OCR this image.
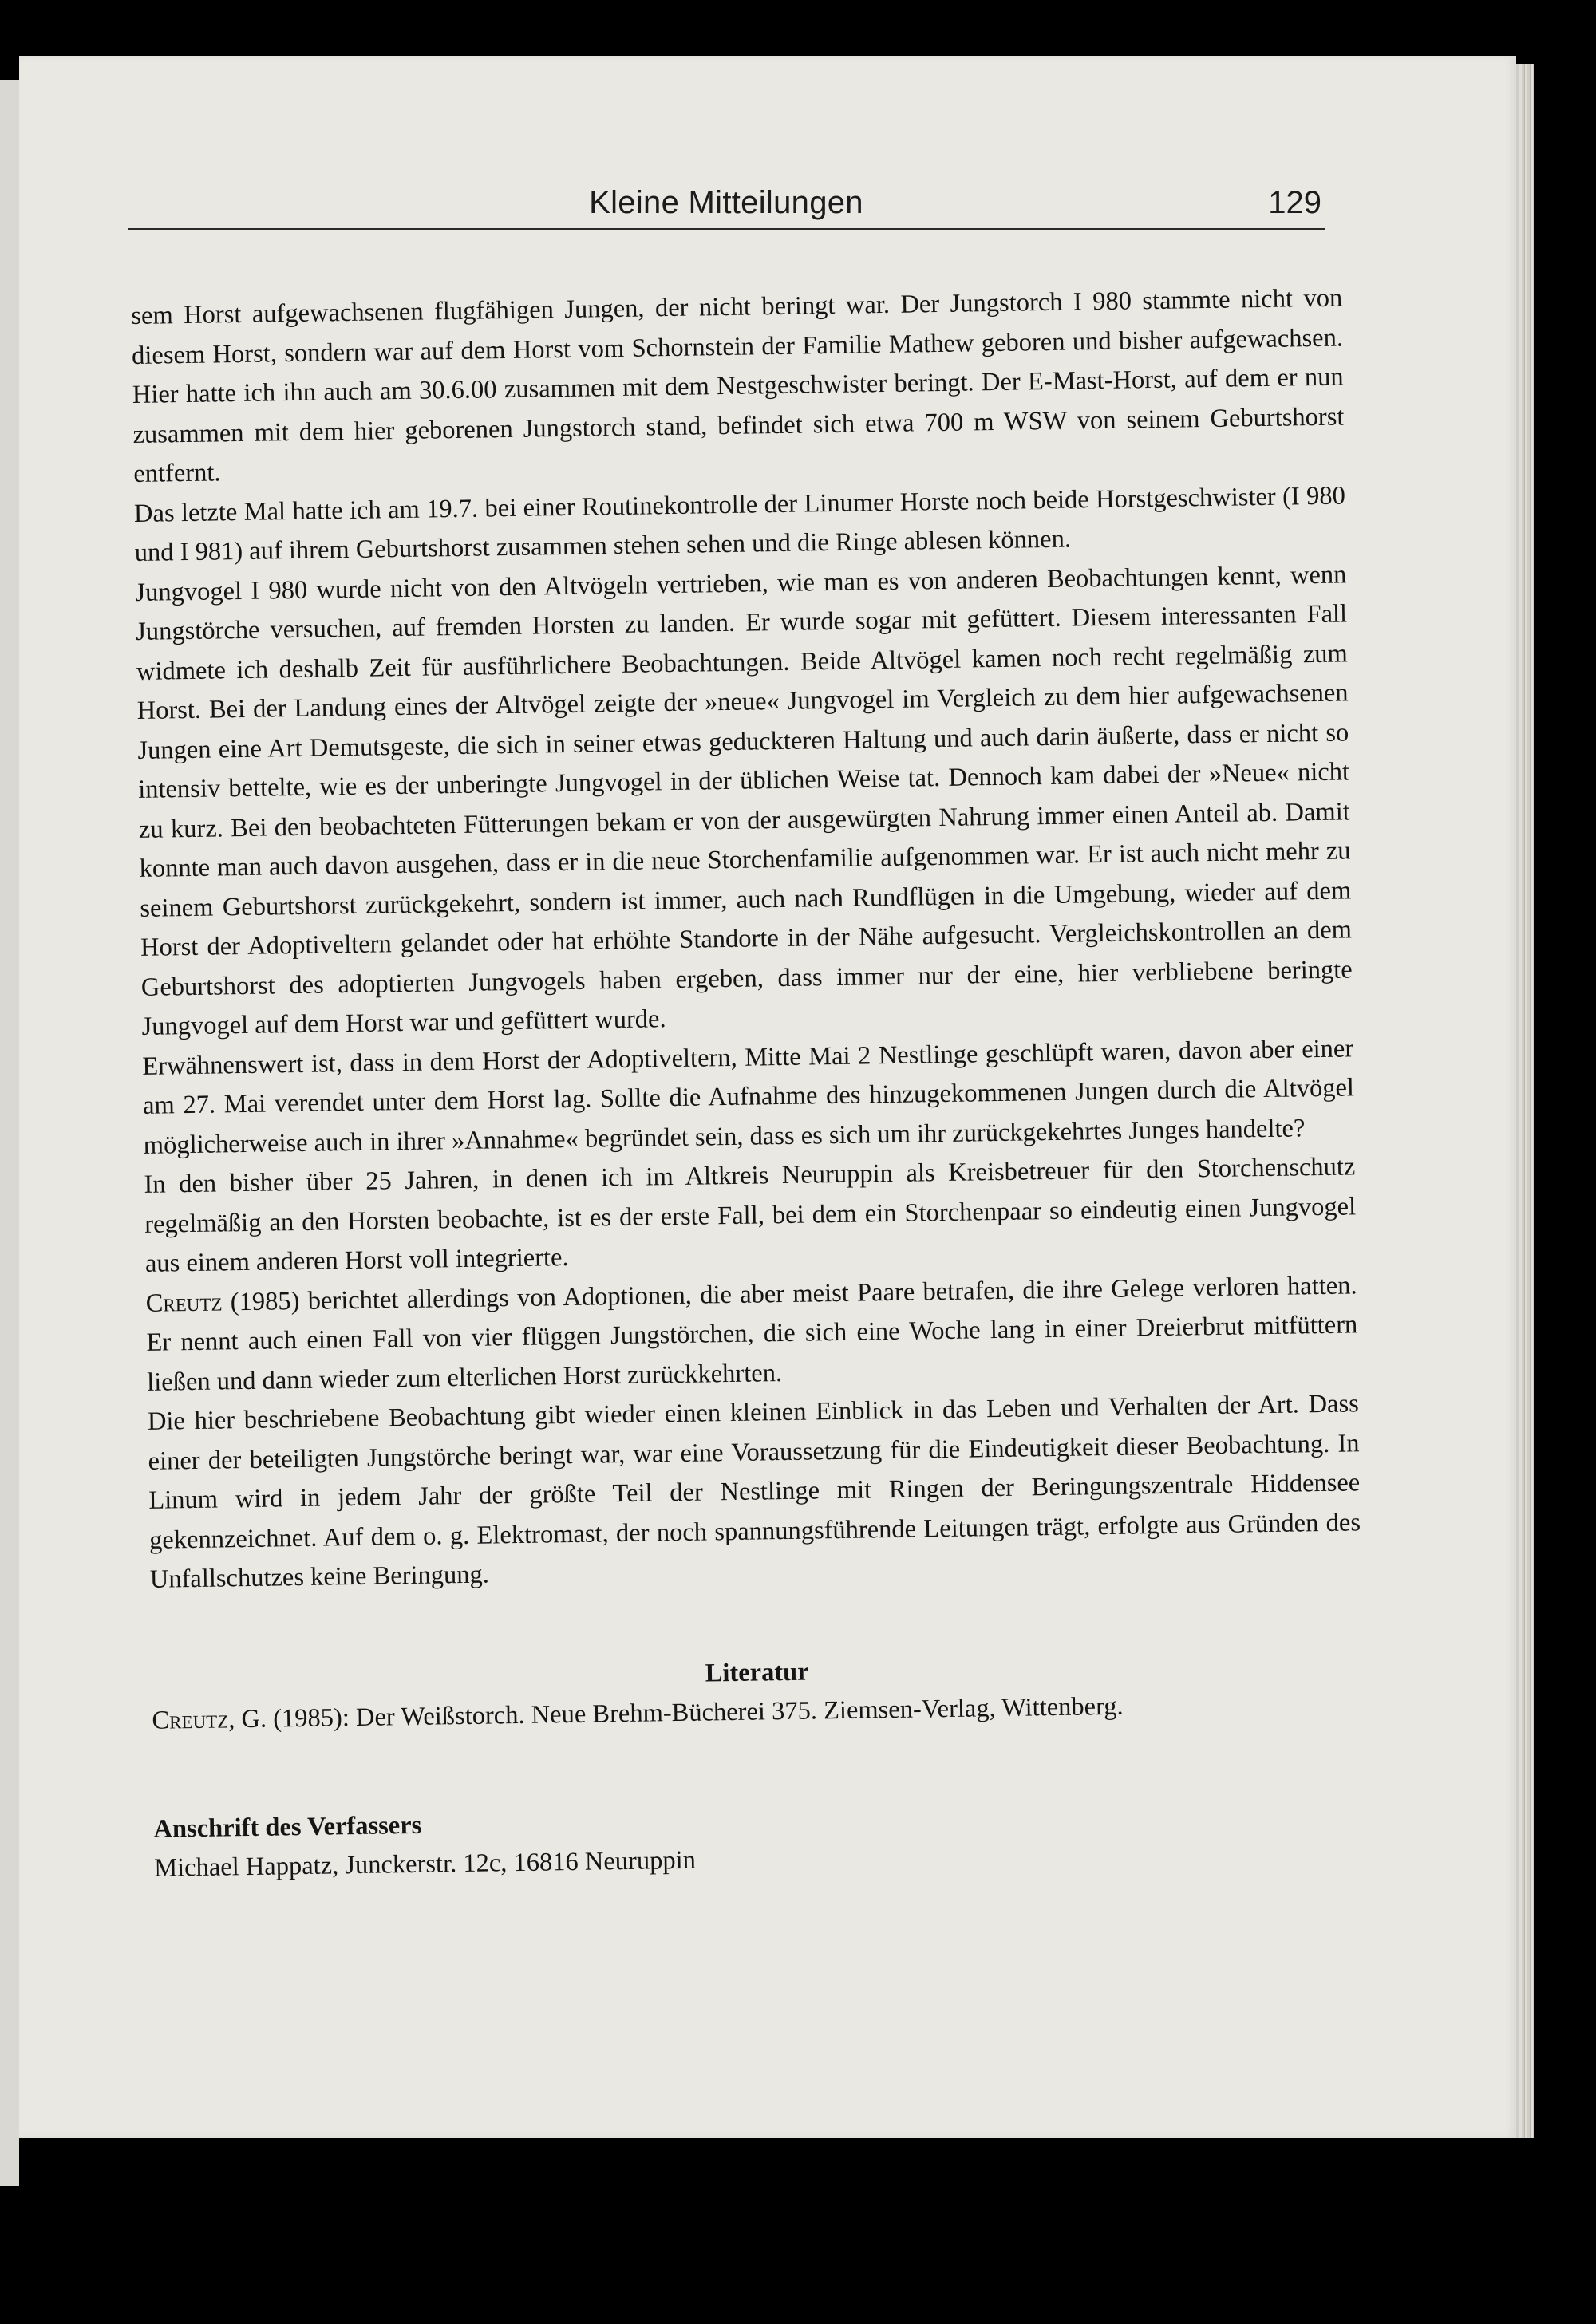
Kleine Mitteilungen	129

sem Horst aufgewachsenen flugfähigen Jungen, der nicht beringt war. Der Jungstorch I 980 stammte nicht von diesem Horst, sondern war auf dem Horst vom Schornstein der Familie Mathew geboren und bisher aufgewachsen. Hier hatte ich ihn auch am 30.6.00 zusammen mit dem Nestgeschwister beringt. Der E-Mast-Horst, auf dem er nun zusammen mit dem hier geborenen Jungstorch stand, befindet sich etwa 700 m WSW von seinem Geburtshorst entfernt.

Das letzte Mal hatte ich am 19.7. bei einer Routinekontrolle der Linumer Horste noch beide Horstgeschwister (I 980 und I 981) auf ihrem Geburtshorst zusammen stehen sehen und die Ringe ablesen können.

Jungvogel I 980 wurde nicht von den Altvögeln vertrieben, wie man es von anderen Beobachtungen kennt, wenn Jungstörche versuchen, auf fremden Horsten zu landen. Er wurde sogar mit gefüttert. Diesem interessanten Fall widmete ich deshalb Zeit für ausführlichere Beobachtungen. Beide Altvögel kamen noch recht regelmäßig zum Horst. Bei der Landung eines der Altvögel zeigte der »neue« Jungvogel im Vergleich zu dem hier aufgewachsenen Jungen eine Art Demutsgeste, die sich in seiner etwas geduckteren Haltung und auch darin äußerte, dass er nicht so intensiv bettelte, wie es der unberingte Jungvogel in der üblichen Weise tat. Dennoch kam dabei der »Neue« nicht zu kurz. Bei den beobachteten Fütterungen bekam er von der ausgewürgten Nahrung immer einen Anteil ab. Damit konnte man auch davon ausgehen, dass er in die neue Storchenfamilie aufgenommen war. Er ist auch nicht mehr zu seinem Geburtshorst zurückgekehrt, sondern ist immer, auch nach Rundflügen in die Umgebung, wieder auf dem Horst der Adoptiveltern gelandet oder hat erhöhte Standorte in der Nähe aufgesucht. Vergleichskontrollen an dem Geburtshorst des adoptierten Jungvogels haben ergeben, dass immer nur der eine, hier verbliebene beringte Jungvogel auf dem Horst war und gefüttert wurde.

Erwähnenswert ist, dass in dem Horst der Adoptiveltern, Mitte Mai 2 Nestlinge geschlüpft waren, davon aber einer am 27. Mai verendet unter dem Horst lag. Sollte die Aufnahme des hinzugekommenen Jungen durch die Altvögel möglicherweise auch in ihrer »Annahme« begründet sein, dass es sich um ihr zurückgekehrtes Junges handelte?

In den bisher über 25 Jahren, in denen ich im Altkreis Neuruppin als Kreisbetreuer für den Storchenschutz regelmäßig an den Horsten beobachte, ist es der erste Fall, bei dem ein Storchenpaar so eindeutig einen Jungvogel aus einem anderen Horst voll integrierte.

Creutz (1985) berichtet allerdings von Adoptionen, die aber meist Paare betrafen, die ihre Gelege verloren hatten. Er nennt auch einen Fall von vier flüggen Jungstörchen, die sich eine Woche lang in einer Dreierbrut mitfüttern ließen und dann wieder zum elterlichen Horst zurückkehrten.

Die hier beschriebene Beobachtung gibt wieder einen kleinen Einblick in das Leben und Verhalten der Art. Dass einer der beteiligten Jungstörche beringt war, war eine Voraussetzung für die Eindeutigkeit dieser Beobachtung. In Linum wird in jedem Jahr der größte Teil der Nestlinge mit Ringen der Beringungszentrale Hiddensee gekennzeichnet. Auf dem o. g. Elektromast, der noch spannungsführende Leitungen trägt, erfolgte aus Gründen des Unfallschutzes keine Beringung.

Literatur
Creutz, G. (1985): Der Weißstorch. Neue Brehm-Bücherei 375. Ziemsen-Verlag, Wittenberg.
Anschrift des Verfassers
Michael Happatz, Junckerstr. 12c, 16816 Neuruppin
